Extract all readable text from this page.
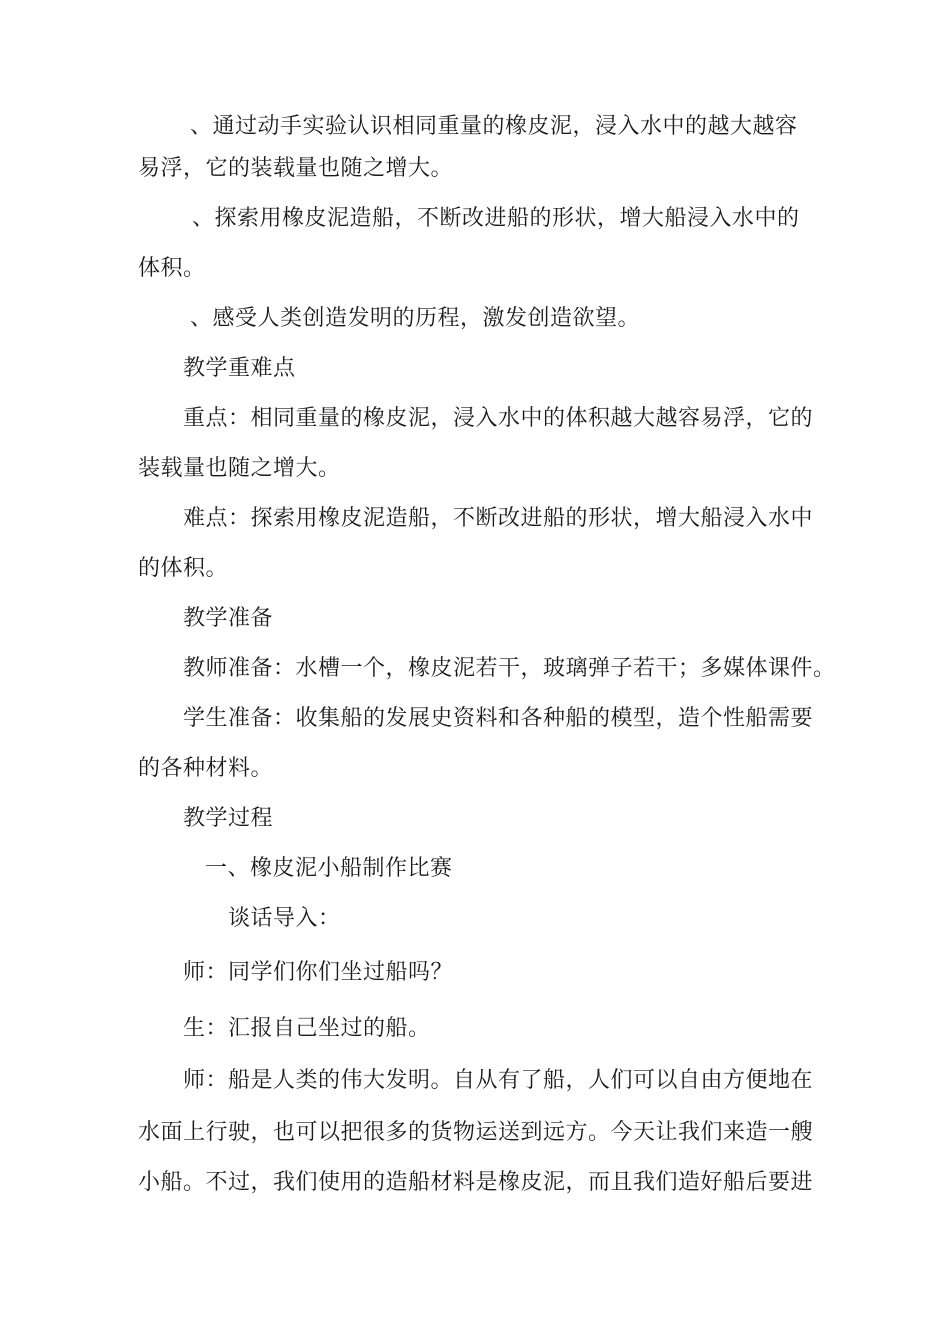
、通过动手实验认识相同重量的橡皮泥，浸入水中的越大越容
易浮，它的装载量也随之增大。
、探索用橡皮泥造船，不断改进船的形状，增大船浸入水中的
体积。
、感受人类创造发明的历程，激发创造欲望。
教学重难点
重点：相同重量的橡皮泥，浸入水中的体积越大越容易浮，它的
装载量也随之增大。
难点：探索用橡皮泥造船，不断改进船的形状，增大船浸入水中
的体积。
教学准备
教师准备：水槽一个，橡皮泥若干，玻璃弹子若干；多媒体课件。
学生准备：收集船的发展史资料和各种船的模型，造个性船需要
的各种材料。
教学过程
一、橡皮泥小船制作比赛
谈话导入：
师：同学们你们坐过船吗？
生：汇报自己坐过的船。
师：船是人类的伟大发明。自从有了船，人们可以自由方便地在
水面上行驶，也可以把很多的货物运送到远方。今天让我们来造一艘
小船。不过，我们使用的造船材料是橡皮泥，而且我们造好船后要进
